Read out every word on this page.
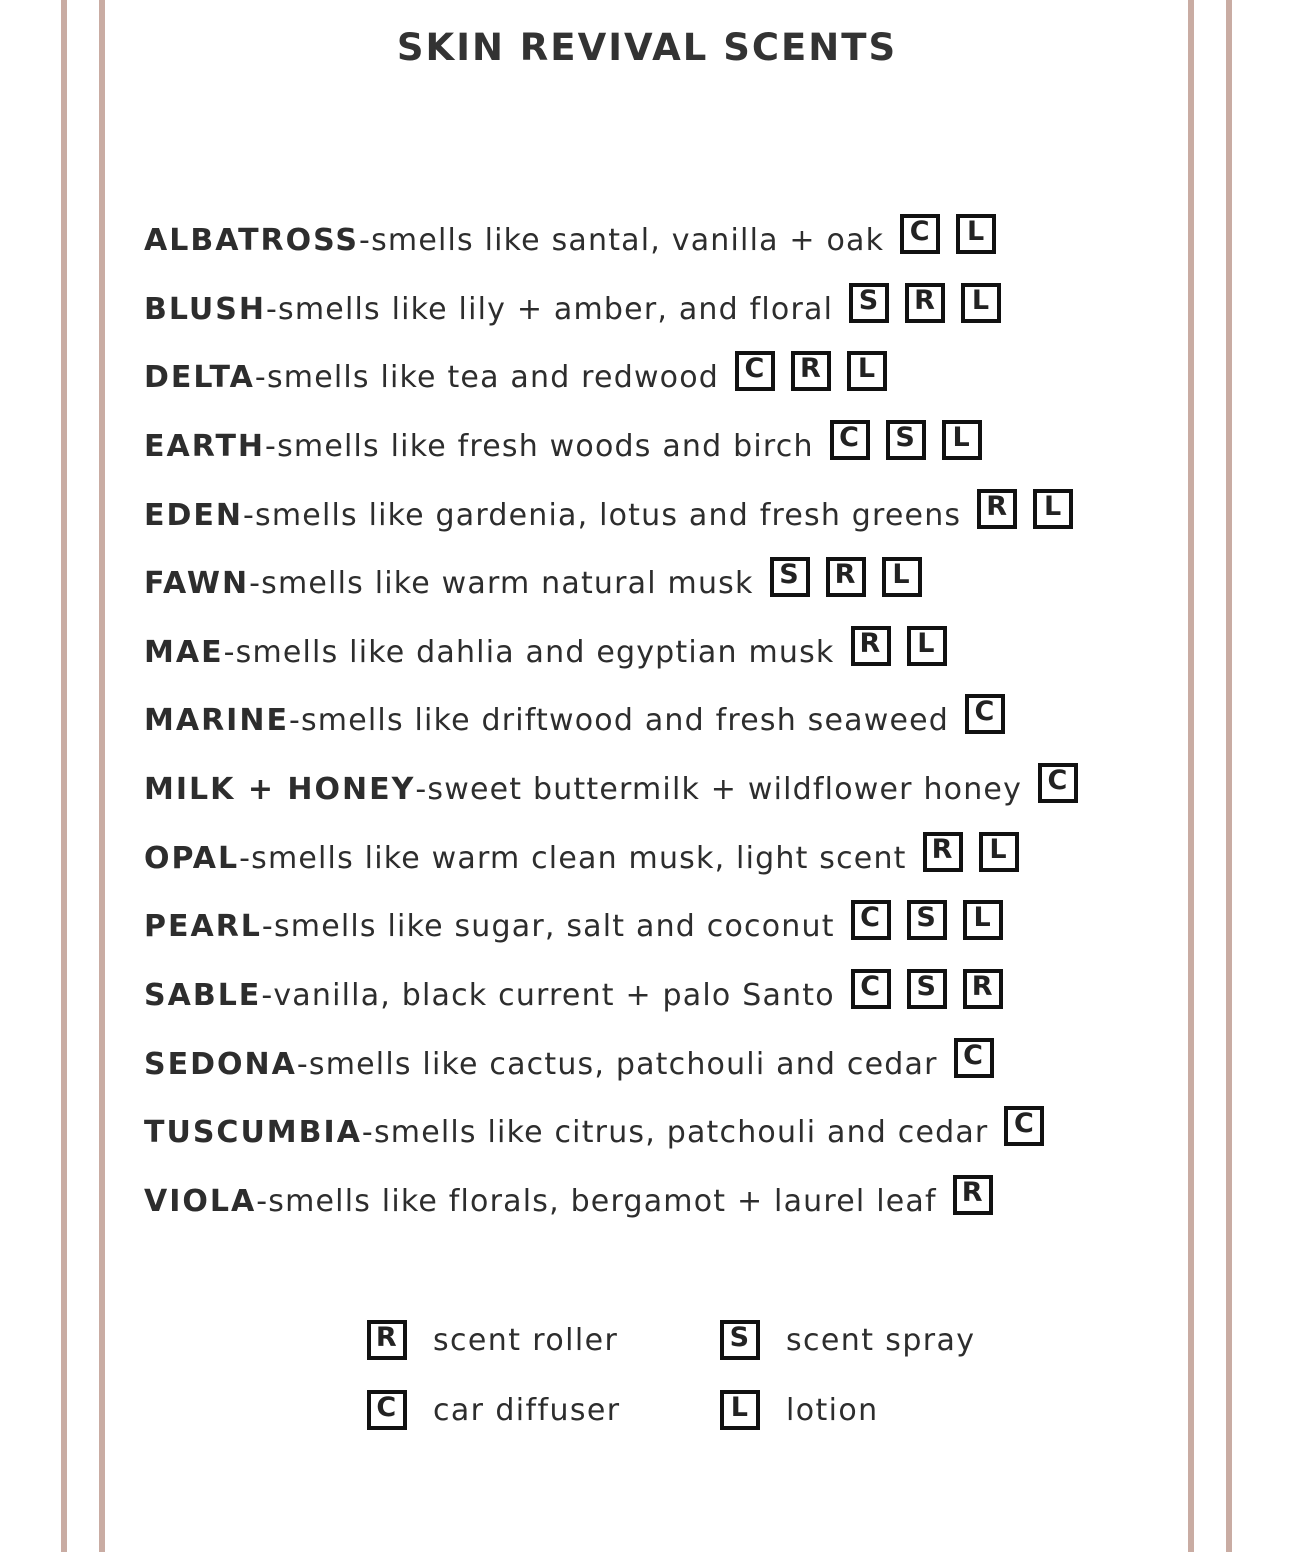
SKIN REVIVAL SCENTS
ALBATROSS - smells like santal, vanilla + oak C	L
BLUSH - smells like lily + amber, and floral S	R	L
DELTA - smells like tea and redwood C	R	L
EARTH - smells like fresh woods and birch C	S	L
EDEN - smells like gardenia, lotus and fresh greens R	L
FAWN - smells like warm natural musk S	R	L
MAE - smells like dahlia and egyptian musk R	L
MARINE - smells like driftwood and fresh seaweed C
MILK + HONEY - sweet buttermilk + wildflower honey C
OPAL - smells like warm clean musk, light scent R	L
PEARL - smells like sugar, salt and coconut C	S	L
SABLE - vanilla, black current + palo Santo C	S	R
SEDONA - smells like cactus, patchouli and cedar C
TUSCUMBIA - smells like citrus, patchouli and cedar C
VIOLA - smells like florals, bergamot + laurel leaf R
R scent roller	S	scent spray
C	car diffuser	L	lotion
